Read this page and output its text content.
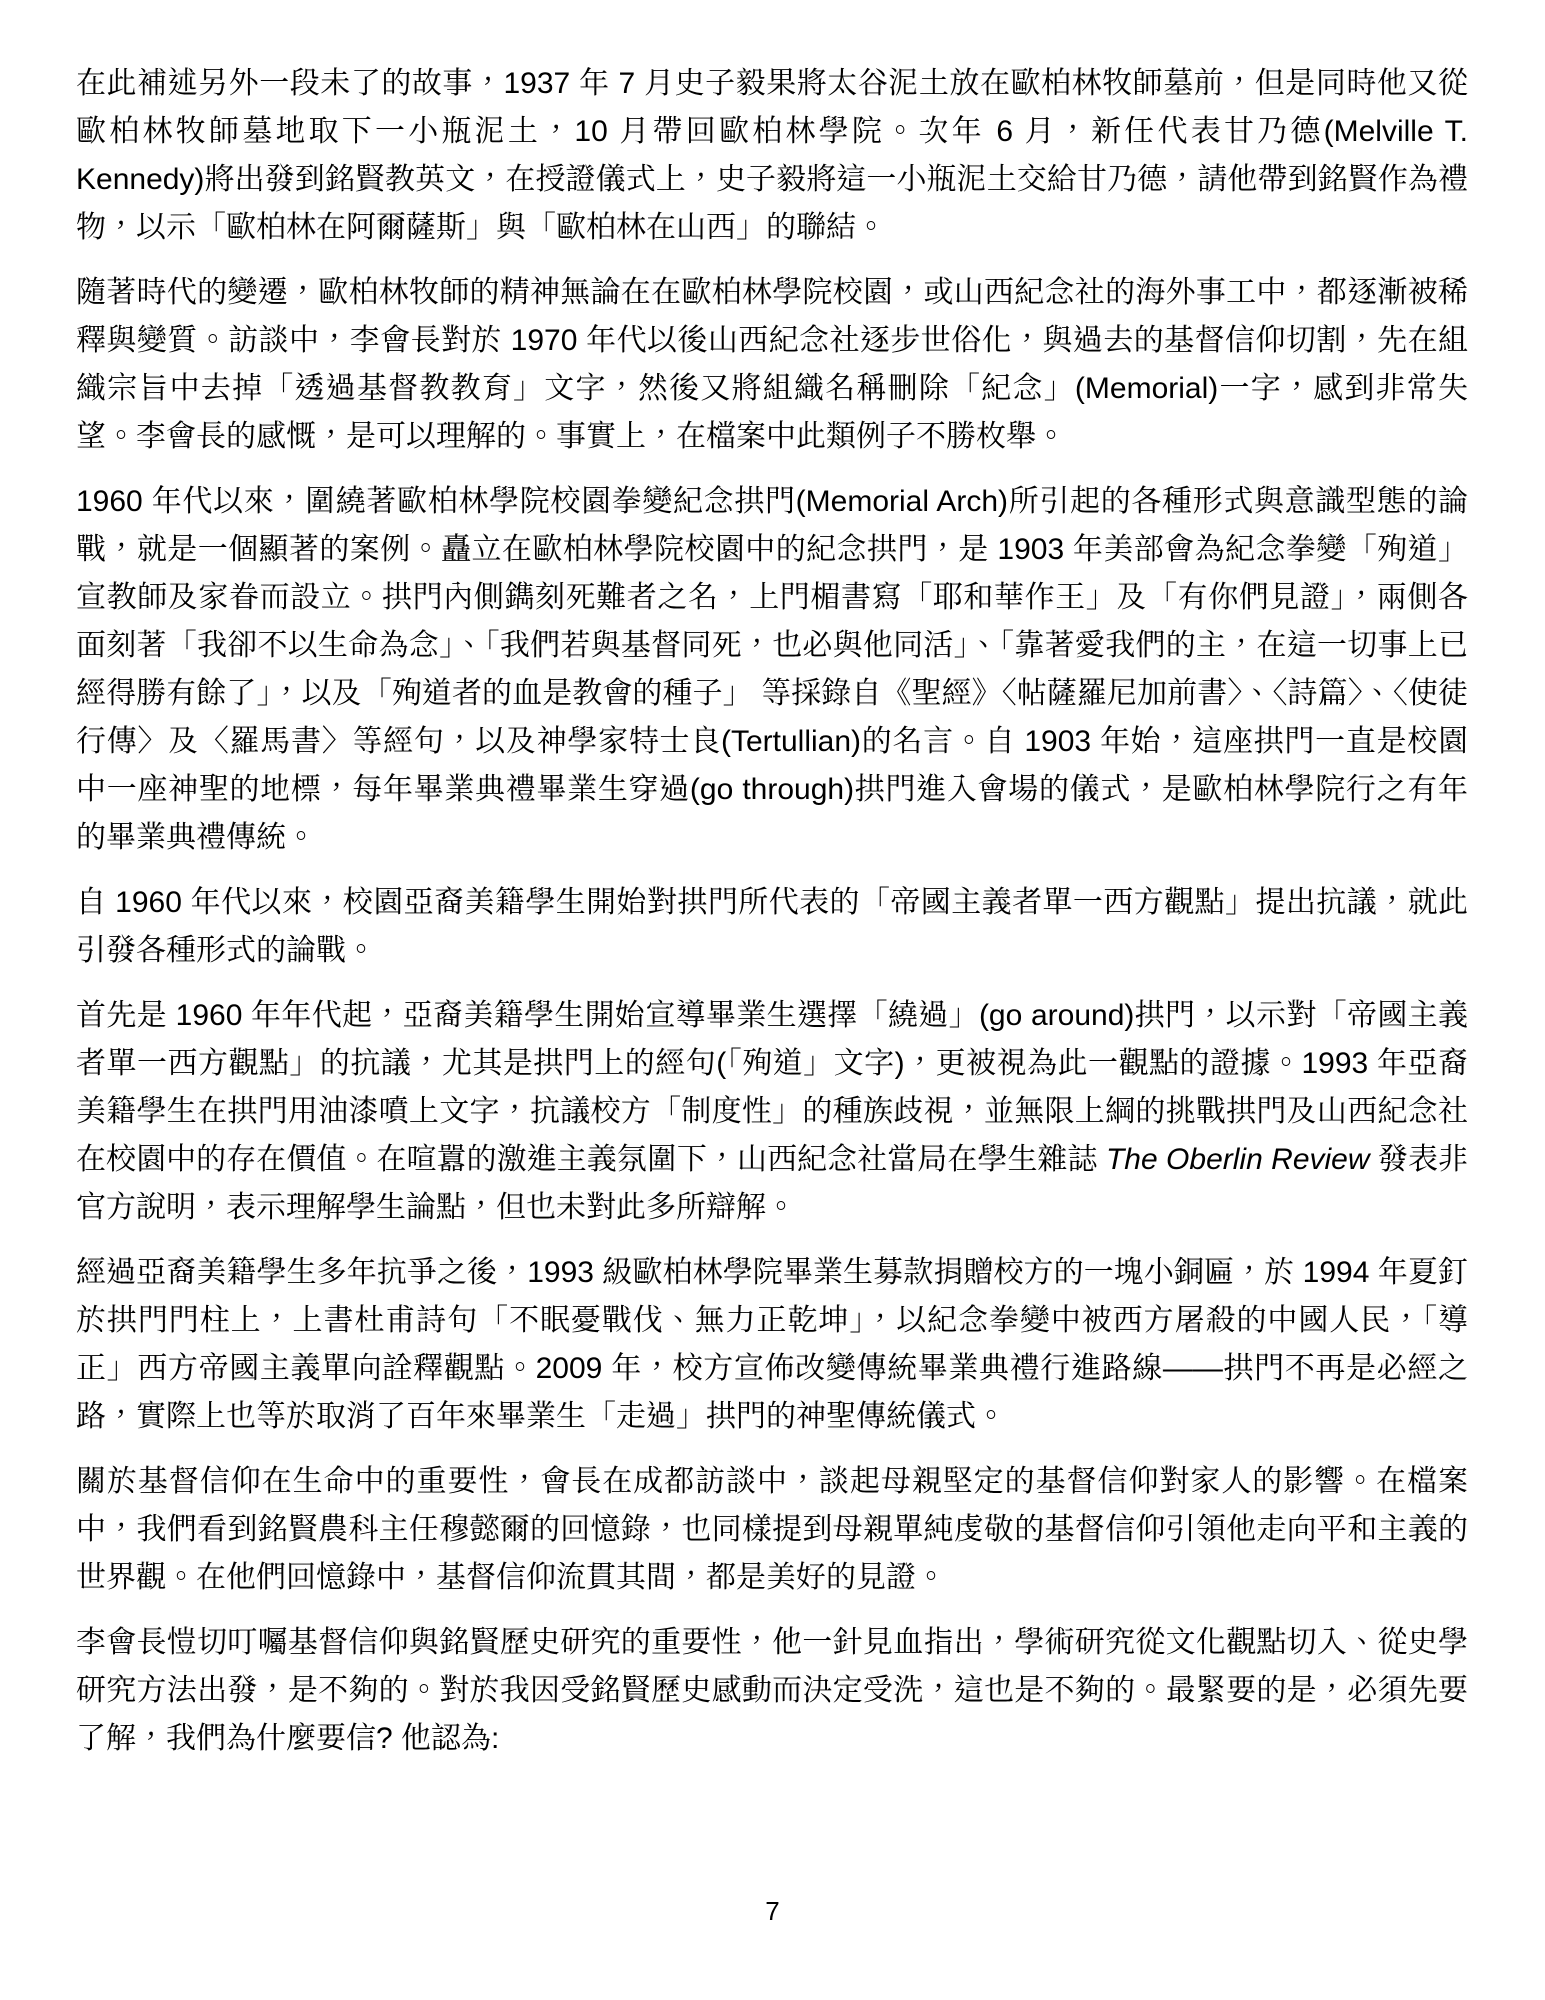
在此補述另外一段未了的故事，1937 年 7 月史子毅果將太谷泥土放在歐柏林牧師墓前，但是同時他又從歐柏林牧師墓地取下一小瓶泥土，10 月帶回歐柏林學院。次年 6 月，新任代表甘乃德(Melville T. Kennedy)將出發到銘賢教英文，在授證儀式上，史子毅將這一小瓶泥土交給甘乃德，請他帶到銘賢作為禮物，以示「歐柏林在阿爾薩斯」與「歐柏林在山西」的聯結。

隨著時代的變遷，歐柏林牧師的精神無論在在歐柏林學院校園，或山西紀念社的海外事工中，都逐漸被稀釋與變質。訪談中，李會長對於 1970 年代以後山西紀念社逐步世俗化，與過去的基督信仰切割，先在組織宗旨中去掉「透過基督教教育」文字，然後又將組織名稱刪除「紀念」(Memorial)一字，感到非常失望。李會長的感慨，是可以理解的。事實上，在檔案中此類例子不勝枚舉。

1960 年代以來，圍繞著歐柏林學院校園拳變紀念拱門(Memorial Arch)所引起的各種形式與意識型態的論戰，就是一個顯著的案例。矗立在歐柏林學院校園中的紀念拱門，是 1903 年美部會為紀念拳變「殉道」宣教師及家眷而設立。拱門內側鐫刻死難者之名，上門楣書寫「耶和華作王」及「有你們見證」，兩側各面刻著「我卻不以生命為念」、「我們若與基督同死，也必與他同活」、「靠著愛我們的主，在這一切事上已經得勝有餘了」，以及「殉道者的血是教會的種子」 等採錄自《聖經》〈帖薩羅尼加前書〉、〈詩篇〉、〈使徒行傳〉及〈羅馬書〉等經句，以及神學家特士良(Tertullian)的名言。自 1903 年始，這座拱門一直是校園中一座神聖的地標，每年畢業典禮畢業生穿過(go through)拱門進入會場的儀式，是歐柏林學院行之有年的畢業典禮傳統。

自 1960 年代以來，校園亞裔美籍學生開始對拱門所代表的「帝國主義者單一西方觀點」提出抗議，就此引發各種形式的論戰。

首先是 1960 年年代起，亞裔美籍學生開始宣導畢業生選擇「繞過」(go around)拱門，以示對「帝國主義者單一西方觀點」的抗議，尤其是拱門上的經句(「殉道」文字)，更被視為此一觀點的證據。1993 年亞裔美籍學生在拱門用油漆噴上文字，抗議校方「制度性」的種族歧視，並無限上綱的挑戰拱門及山西紀念社在校園中的存在價值。在喧囂的激進主義氛圍下，山西紀念社當局在學生雜誌 The Oberlin Review 發表非官方說明，表示理解學生論點，但也未對此多所辯解。

經過亞裔美籍學生多年抗爭之後，1993 級歐柏林學院畢業生募款捐贈校方的一塊小銅匾，於 1994 年夏釘於拱門門柱上，上書杜甫詩句「不眠憂戰伐、無力正乾坤」，以紀念拳變中被西方屠殺的中國人民，「導正」西方帝國主義單向詮釋觀點。2009 年，校方宣佈改變傳統畢業典禮行進路線——拱門不再是必經之路，實際上也等於取消了百年來畢業生「走過」拱門的神聖傳統儀式。

關於基督信仰在生命中的重要性，會長在成都訪談中，談起母親堅定的基督信仰對家人的影響。在檔案中，我們看到銘賢農科主任穆懿爾的回憶錄，也同樣提到母親單純虔敬的基督信仰引領他走向平和主義的世界觀。在他們回憶錄中，基督信仰流貫其間，都是美好的見證。

李會長愷切叮囑基督信仰與銘賢歷史研究的重要性，他一針見血指出，學術研究從文化觀點切入、從史學研究方法出發，是不夠的。對於我因受銘賢歷史感動而決定受洗，這也是不夠的。最緊要的是，必須先要了解，我們為什麼要信? 他認為:

7
